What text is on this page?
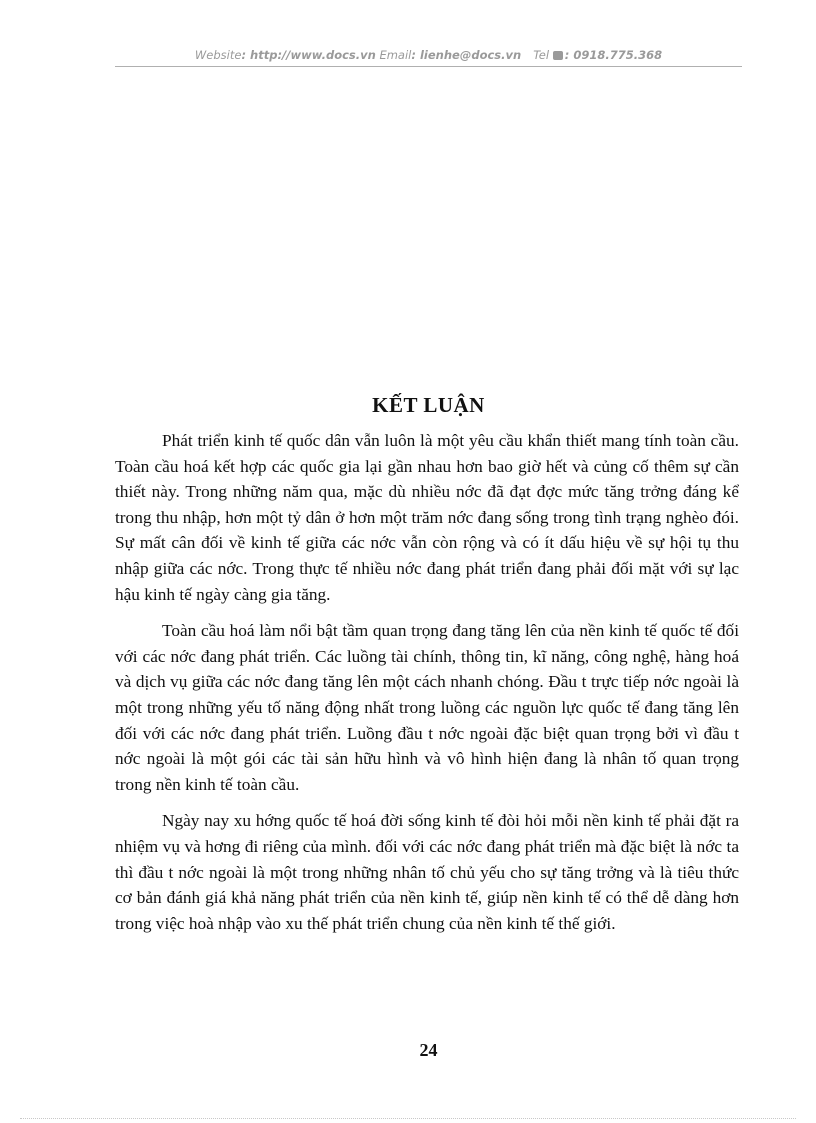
Website: http://www.docs.vn Email: lienhe@docs.vn Tel : 0918.775.368
KẾT LUẬN

Phát triển kinh tế quốc dân vẫn luôn là một yêu cầu khẩn thiết mang tính toàn cầu. Toàn cầu hoá kết hợp các quốc gia lại gần nhau hơn bao giờ hết và củng cố thêm sự cần thiết này. Trong những năm qua, mặc dù nhiều nớc đã đạt đợc mức tăng trởng đáng kể trong thu nhập, hơn một tỷ dân ở hơn một trăm nớc đang sống trong tình trạng nghèo đói. Sự mất cân đối về kinh tế giữa các nớc vẫn còn rộng và có ít dấu hiệu về sự hội tụ thu nhập giữa các nớc. Trong thực tế nhiều nớc đang phát triển đang phải đối mặt với sự lạc hậu kinh tế ngày càng gia tăng.

Toàn cầu hoá làm nổi bật tầm quan trọng đang tăng lên của nền kinh tế quốc tế đối với các nớc đang phát triển. Các luồng tài chính, thông tin, kĩ năng, công nghệ, hàng hoá và dịch vụ giữa các nớc đang tăng lên một cách nhanh chóng. Đầu t trực tiếp nớc ngoài là một trong những yếu tố năng động nhất trong luồng các nguồn lực quốc tế đang tăng lên đối với các nớc đang phát triển. Luồng đầu t nớc ngoài đặc biệt quan trọng bởi vì đầu t nớc ngoài là một gói các tài sản hữu hình và vô hình hiện đang là nhân tố quan trọng trong nền kinh tế toàn cầu.

Ngày nay xu hớng quốc tế hoá đời sống kinh tế đòi hỏi mỗi nền kinh tế phải đặt ra nhiệm vụ và hơng đi riêng của mình. đối với các nớc đang phát triển mà đặc biệt là nớc ta thì đầu t nớc ngoài là một trong những nhân tố chủ yếu cho sự tăng trởng và là tiêu thức cơ bản đánh giá khả năng phát triển của nền kinh tế, giúp nền kinh tế có thể dễ dàng hơn trong việc hoà nhập vào xu thế phát triển chung của nền kinh tế thế giới.

24
